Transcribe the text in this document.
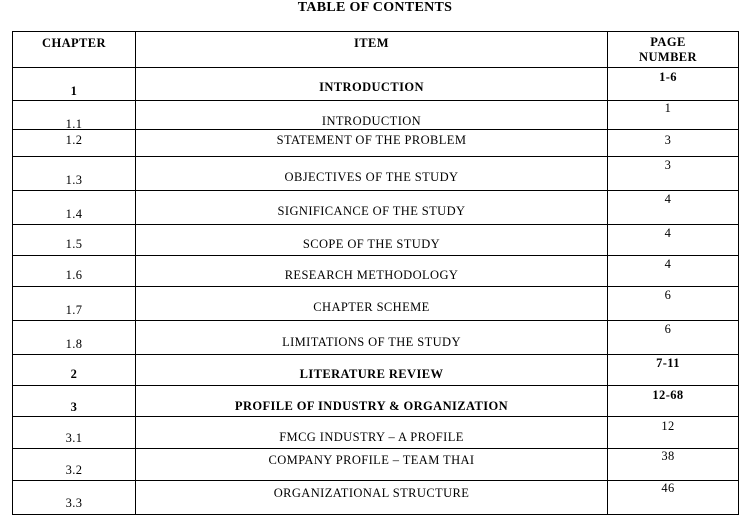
TABLE OF CONTENTS
CHAPTER	ITEM	PAGE
NUMBER

1	INTRODUCTION	1-6

1.1	INTRODUCTION	1

1.2	STATEMENT OF THE PROBLEM	3

1.3	OBJECTIVES OF THE STUDY	3

1.4	SIGNIFICANCE OF THE STUDY	4

1.5	SCOPE OF THE STUDY	4

1.6	RESEARCH METHODOLOGY	4

1.7	CHAPTER SCHEME	6

1.8	LIMITATIONS OF THE STUDY	6

2	LITERATURE REVIEW	7-11

3	PROFILE OF INDUSTRY & ORGANIZATION	12-68

3.1	FMCG INDUSTRY – A PROFILE	12

3.2	COMPANY PROFILE – TEAM THAI	38

3.3	ORGANIZATIONAL STRUCTURE	46
